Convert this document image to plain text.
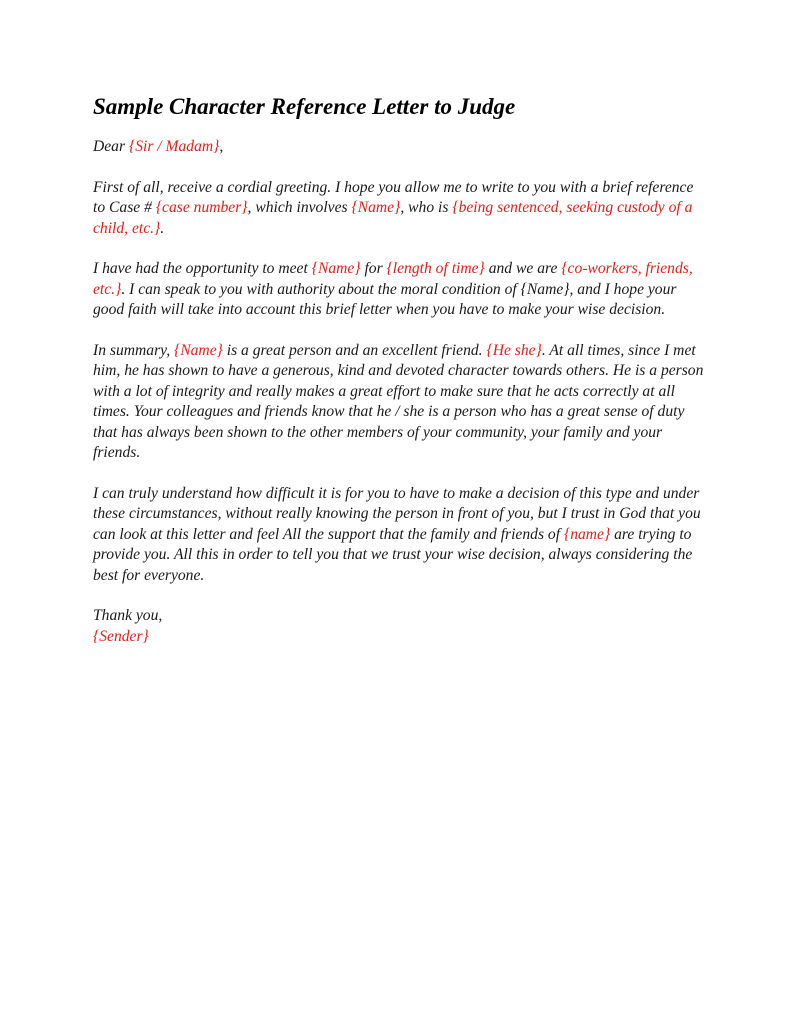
Sample Character Reference Letter to Judge

Dear {Sir / Madam},

First of all, receive a cordial greeting. I hope you allow me to write to you with a brief reference to Case # {case number}, which involves {Name}, who is {being sentenced, seeking custody of a child, etc.}.

I have had the opportunity to meet {Name} for {length of time} and we are {co-workers, friends, etc.}. I can speak to you with authority about the moral condition of {Name}, and I hope your good faith will take into account this brief letter when you have to make your wise decision.

In summary, {Name} is a great person and an excellent friend. {He she}. At all times, since I met him, he has shown to have a generous, kind and devoted character towards others. He is a person with a lot of integrity and really makes a great effort to make sure that he acts correctly at all times. Your colleagues and friends know that he / she is a person who has a great sense of duty that has always been shown to the other members of your community, your family and your friends.

I can truly understand how difficult it is for you to have to make a decision of this type and under these circumstances, without really knowing the person in front of you, but I trust in God that you can look at this letter and feel All the support that the family and friends of {name} are trying to provide you. All this in order to tell you that we trust your wise decision, always considering the best for everyone.

Thank you,
{Sender}
